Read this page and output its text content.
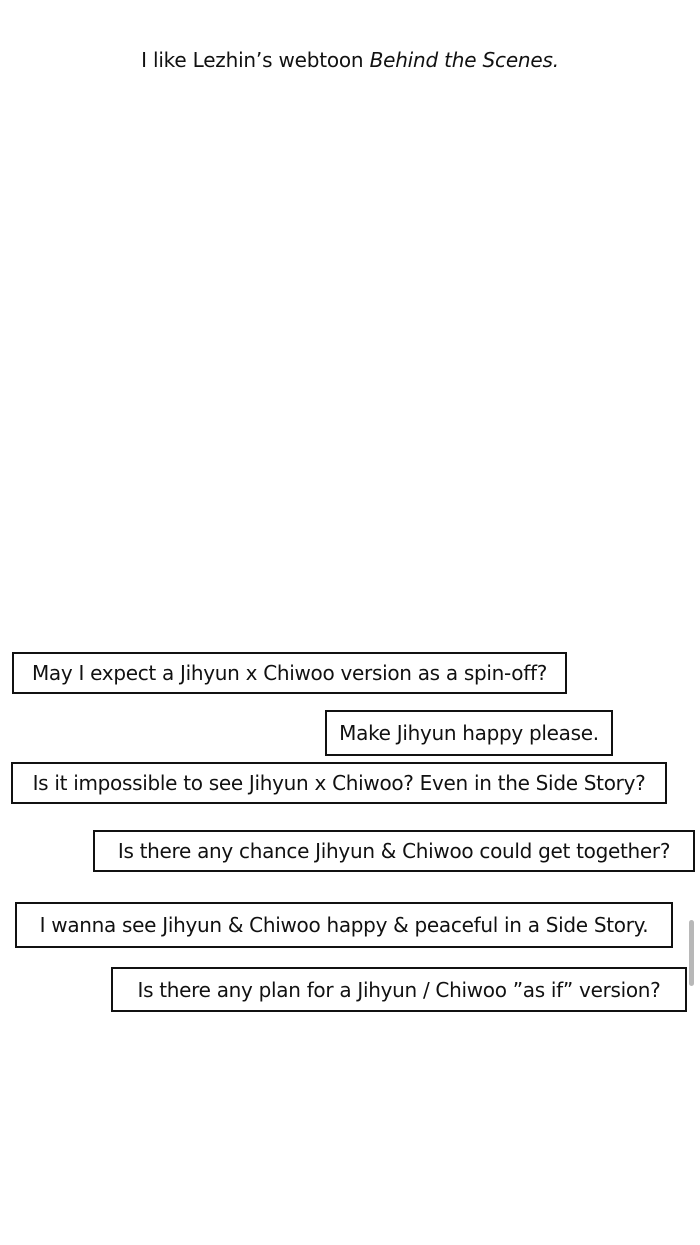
I like Lezhin’s webtoon Behind the Scenes.
May I expect a Jihyun x Chiwoo version as a spin-off?
Make Jihyun happy please.
Is it impossible to see Jihyun x Chiwoo? Even in the Side Story?
Is there any chance Jihyun & Chiwoo could get together?
I wanna see Jihyun & Chiwoo happy & peaceful in a Side Story.
Is there any plan for a Jihyun / Chiwoo ”as if” version?
